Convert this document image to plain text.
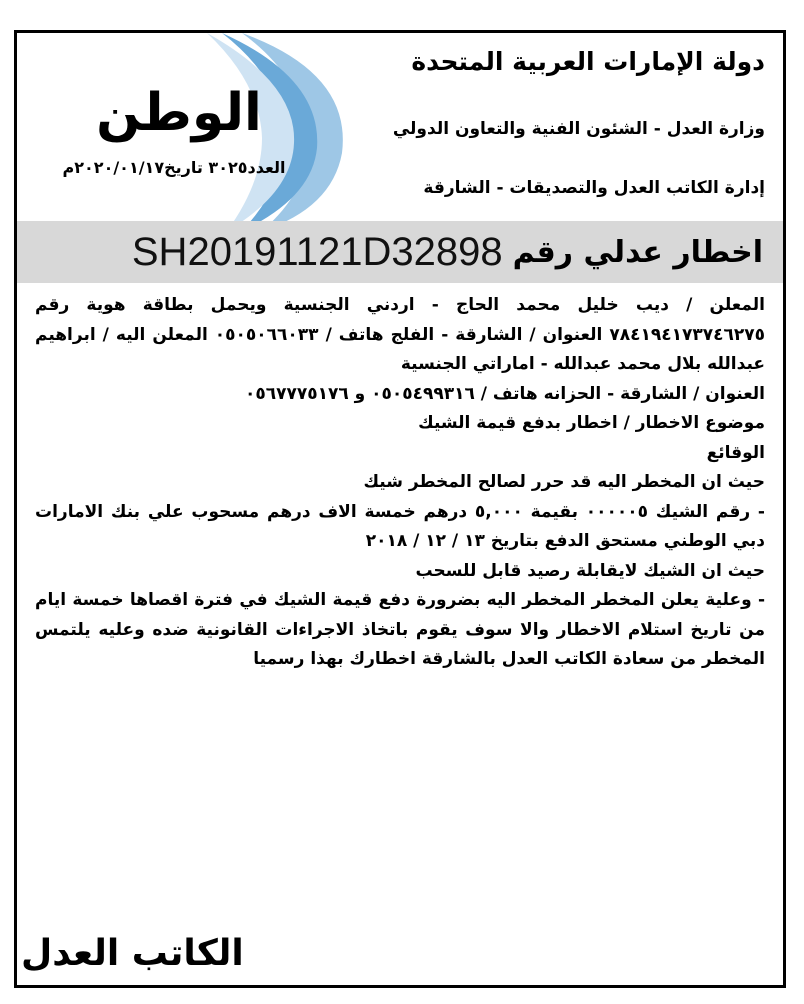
الوطن
العدد٣٠٢٥ تاريخ٢٠٢٠/٠١/١٧م
دولة الإمارات العربية المتحدة
وزارة العدل - الشئون الفنية والتعاون الدولي
إدارة الكاتب العدل والتصديقات - الشارقة
اخطار عدلي رقم
SH20191121D32898

المعلن / ديب خليل محمد الحاج - اردني الجنسية ويحمل بطاقة هوية رقم ٧٨٤١٩٤١٧٣٧٤٦٢٧٥ العنوان / الشارقة - الفلج هاتف / ٠٥٠٥٠٦٦٠٣٣ المعلن اليه / ابراهيم عبدالله بلال محمد عبدالله - اماراتي الجنسية

العنوان / الشارقة - الحزانه هاتف / ٠٥٠٥٤٩٩٣١٦ و ٠٥٦٧٧٧٥١٧٦

موضوع الاخطار / اخطار بدفع قيمة الشيك

الوقائع

حيث ان المخطر اليه قد حرر لصالح المخطر شيك

- رقم الشيك ٠٠٠٠٠٥ بقيمة ٥,٠٠٠ درهم خمسة الاف درهم مسحوب علي بنك الامارات دبي الوطني مستحق الدفع بتاريخ ١٣ / ١٢ / ٢٠١٨

حيث ان الشيك لايقابلة رصيد قابل للسحب

- وعلية يعلن المخطر المخطر اليه بضرورة دفع قيمة الشيك في فترة اقصاها خمسة ايام من تاريخ استلام الاخطار والا سوف يقوم باتخاذ الاجراءات القانونية ضده وعليه يلتمس المخطر من سعادة الكاتب العدل بالشارقة اخطارك بهذا رسميا

الكاتب العدل
